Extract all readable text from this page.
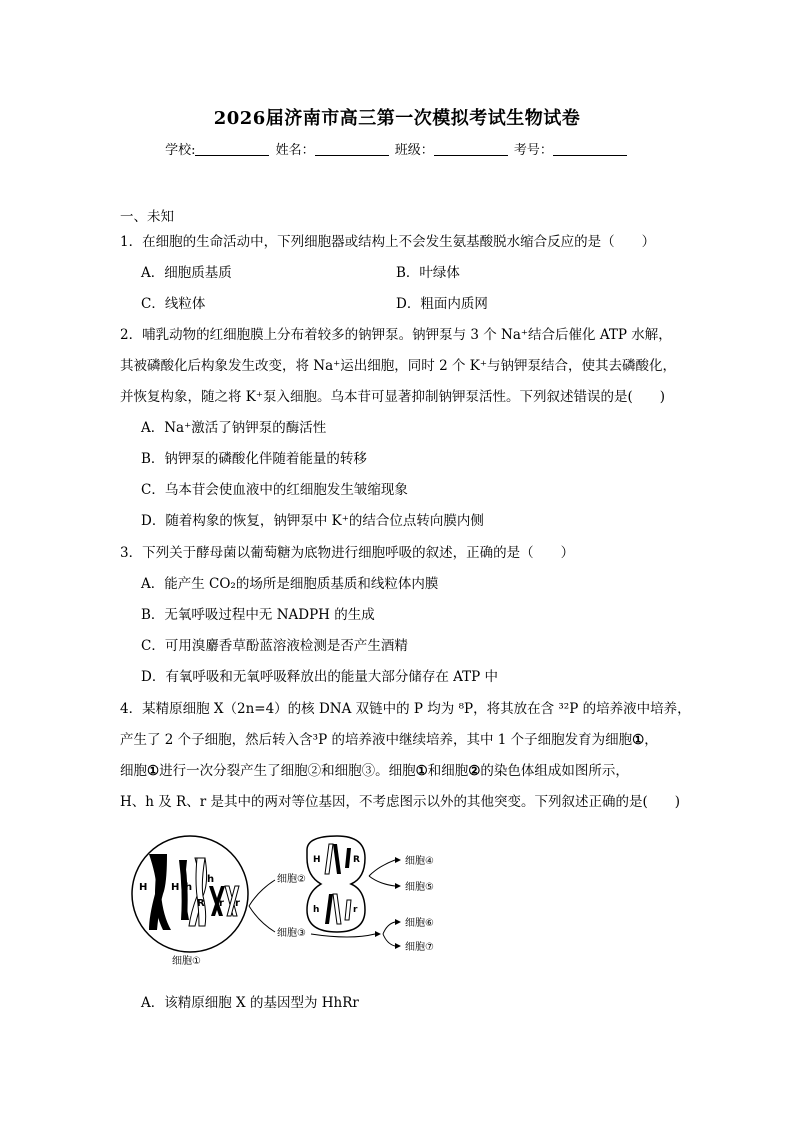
2026届济南市高三第一次模拟考试生物试卷
学校:	姓名：	班级：	考号：
一、未知
1．在细胞的生命活动中，下列细胞器或结构上不会发生氨基酸脱水缩合反应的是（　　）
A．细胞质基质	B．叶绿体
C．线粒体	D．粗面内质网
2．哺乳动物的红细胞膜上分布着较多的钠钾泵。钠钾泵与 3 个 Na⁺结合后催化 ATP 水解，
其被磷酸化后构象发生改变，将 Na⁺运出细胞，同时 2 个 K⁺与钠钾泵结合，使其去磷酸化，
并恢复构象，随之将 K⁺泵入细胞。乌本苷可显著抑制钠钾泵活性。下列叙述错误的是(　　)
A．Na⁺激活了钠钾泵的酶活性
B．钠钾泵的磷酸化伴随着能量的转移
C．乌本苷会使血液中的红细胞发生皱缩现象
D．随着构象的恢复，钠钾泵中 K⁺的结合位点转向膜内侧
3．下列关于酵母菌以葡萄糖为底物进行细胞呼吸的叙述，正确的是（　　）
A．能产生 CO₂的场所是细胞质基质和线粒体内膜
B．无氧呼吸过程中无 NADPH 的生成
C．可用溴麝香草酚蓝溶液检测是否产生酒精
D．有氧呼吸和无氧呼吸释放出的能量大部分储存在 ATP 中
4．某精原细胞 X（2n=4）的核 DNA 双链中的 P 均为 ⁸P，将其放在含 ³²P 的培养液中培养，
产生了 2 个子细胞，然后转入含³P 的培养液中继续培养，其中 1 个子细胞发育为细胞①，
细胞①进行一次分裂产生了细胞②和细胞③。细胞①和细胞②的染色体组成如图所示，
H、h 及 R、r 是其中的两对等位基因，不考虑图示以外的其他突变。下列叙述正确的是(　　)
H H h
h
R r r
细胞①
细胞②
细胞③
H	R
h	r
细胞④
细胞⑤
细胞⑥
细胞⑦
A．该精原细胞 X 的基因型为 HhRr
